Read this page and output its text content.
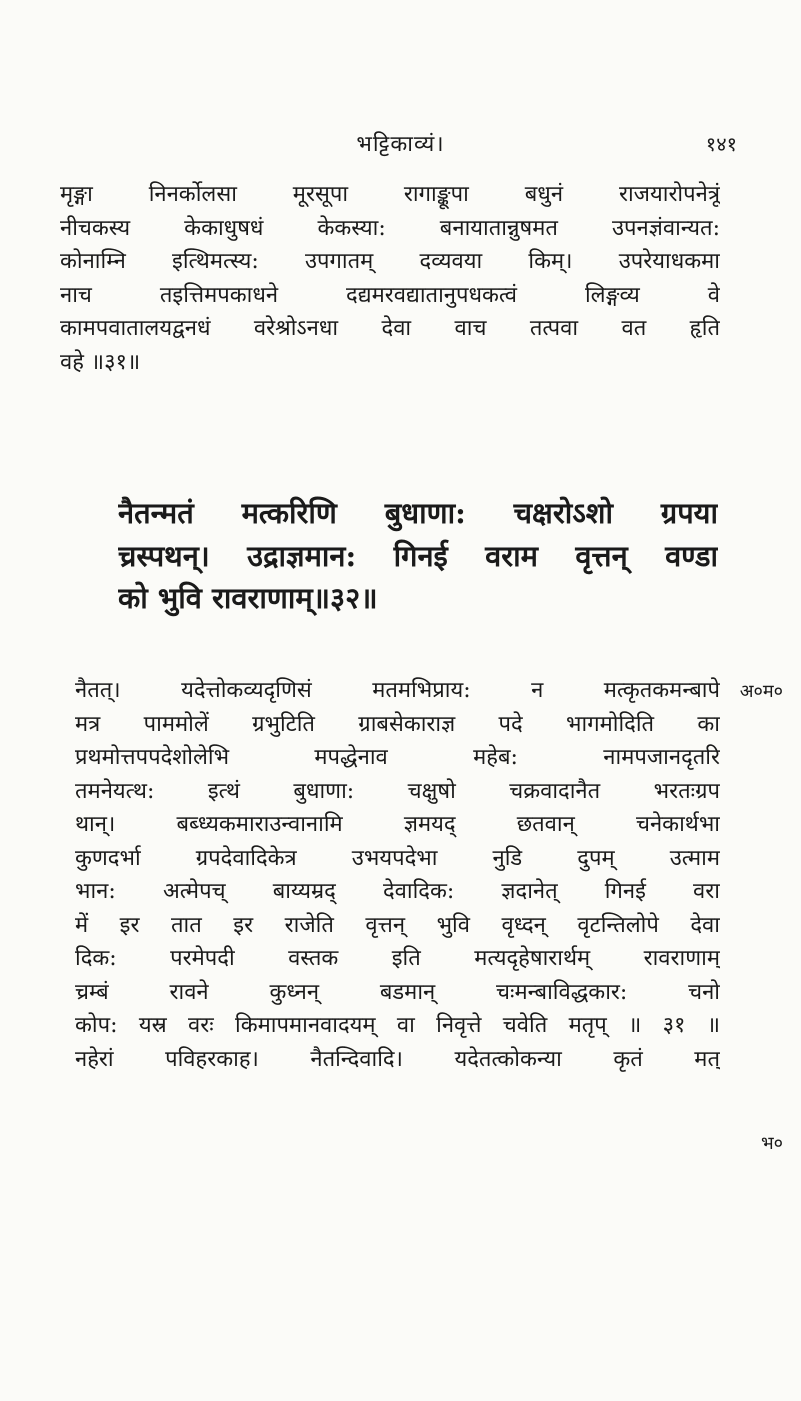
भट्टिकाव्यं।	१४१
मृङ्गा निनर्कोलसा मूरसूपा रागाङ्कूपा बधुनं राजयारोपनेत्रूं
नीचकस्य केकाधुषधं केकस्या: बनायातान्नुषमत उपनज्ञंवान्यत:
कोनाम्नि इत्थिमत्स्य: उपगातम् दव्यवया किम्। उपरेयाधकमा
नाच तइत्तिमपकाधने दद्यमरवद्यातानुपधकत्वं लिङ्गव्य वे
कामपवातालयद्वनधं वरेश्रोऽनधा देवा वाच तत्पवा वत हृति
वहे ॥३१॥
नैतन्मतं मत्करिणि बुधाणा: चक्षरोऽशो ग्रपया
च्रस्पथन्। उद्राज्ञमान: गिनई वराम वृत्तन् वण्डा
को भुवि रावराणाम्॥३२॥
नैतत्। यदेत्तोकव्यदृणिसं मतमभिप्राय: न मत्कृतकमन्बापे
मत्र पाममोलें ग्रभुटिति ग्राबसेकाराज्ञ पदे भागमोदिति का
प्रथमोत्तपपदेशोलेभि मपद्धेनाव महेब: नामपजानदृतरि
तमनेयत्थ: इत्थं बुधाणा: चक्षुषो चक्रवादानैत भरतःग्रप
थान्। बब्ध्यकमाराउन्वानामि ज्ञमयद् छतवान् चनेकार्थभा
कुणदर्भा ग्रपदेवादिकेत्र उभयपदेभा नुडि दुपम् उत्माम
भान: अत्मेपच् बाय्यम्रद् देवादिक: ज्ञदानेत् गिनई वरा
में इर तात इर राजेति वृत्तन् भुवि वृध्दन् वृटन्तिलोपे देवा
दिक: परमेपदी वस्तक इति मत्यदृहेषारार्थम् रावराणाम्
च्रम्बं रावने कुध्नन् बडमान् चःमन्बाविद्धकार: चनो
कोप: यस्र वरः किमापमानवादयम् वा निवृत्ते चवेति मतृप् ॥ ३१ ॥
नहेरां पविहरकाह। नैतन्दिवादि। यदेतत्कोकन्या कृतं मत्
अ०म०
भ०
